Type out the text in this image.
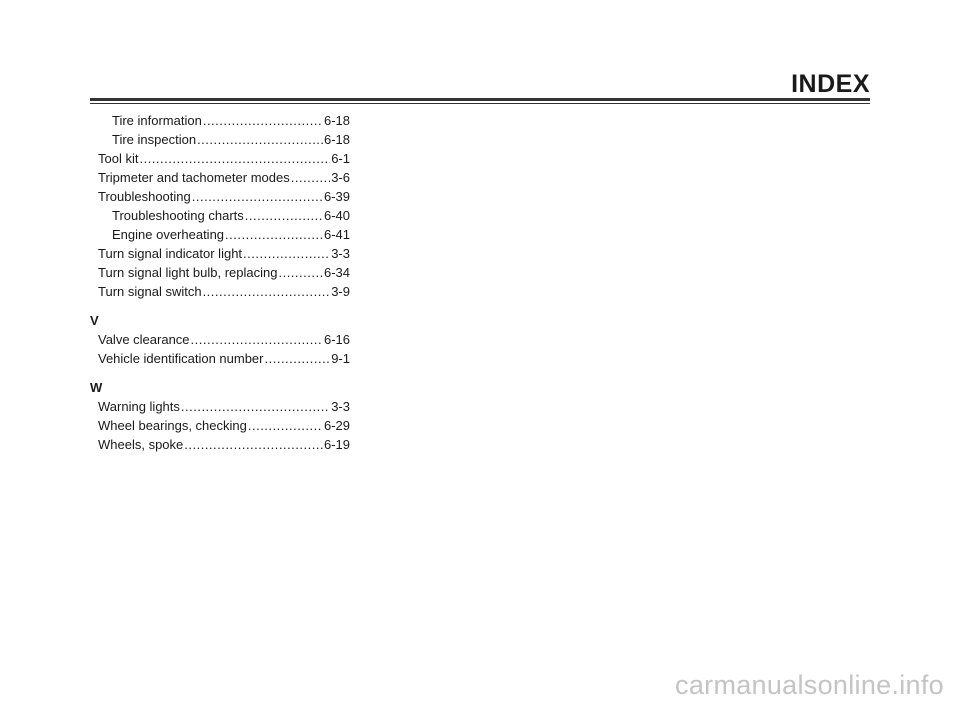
INDEX
Tire information .....	6-18
Tire inspection .....	6-18
Tool kit .....	6-1
Tripmeter and tachometer modes .....	3-6
Troubleshooting .....	6-39
Troubleshooting charts .....	6-40
Engine overheating .....	6-41
Turn signal indicator light .....	3-3
Turn signal light bulb, replacing .....	6-34
Turn signal switch .....	3-9
V
Valve clearance .....	6-16
Vehicle identification number .....	9-1
W
Warning lights .....	3-3
Wheel bearings, checking .....	6-29
Wheels, spoke .....	6-19
carmanualsonline.info
